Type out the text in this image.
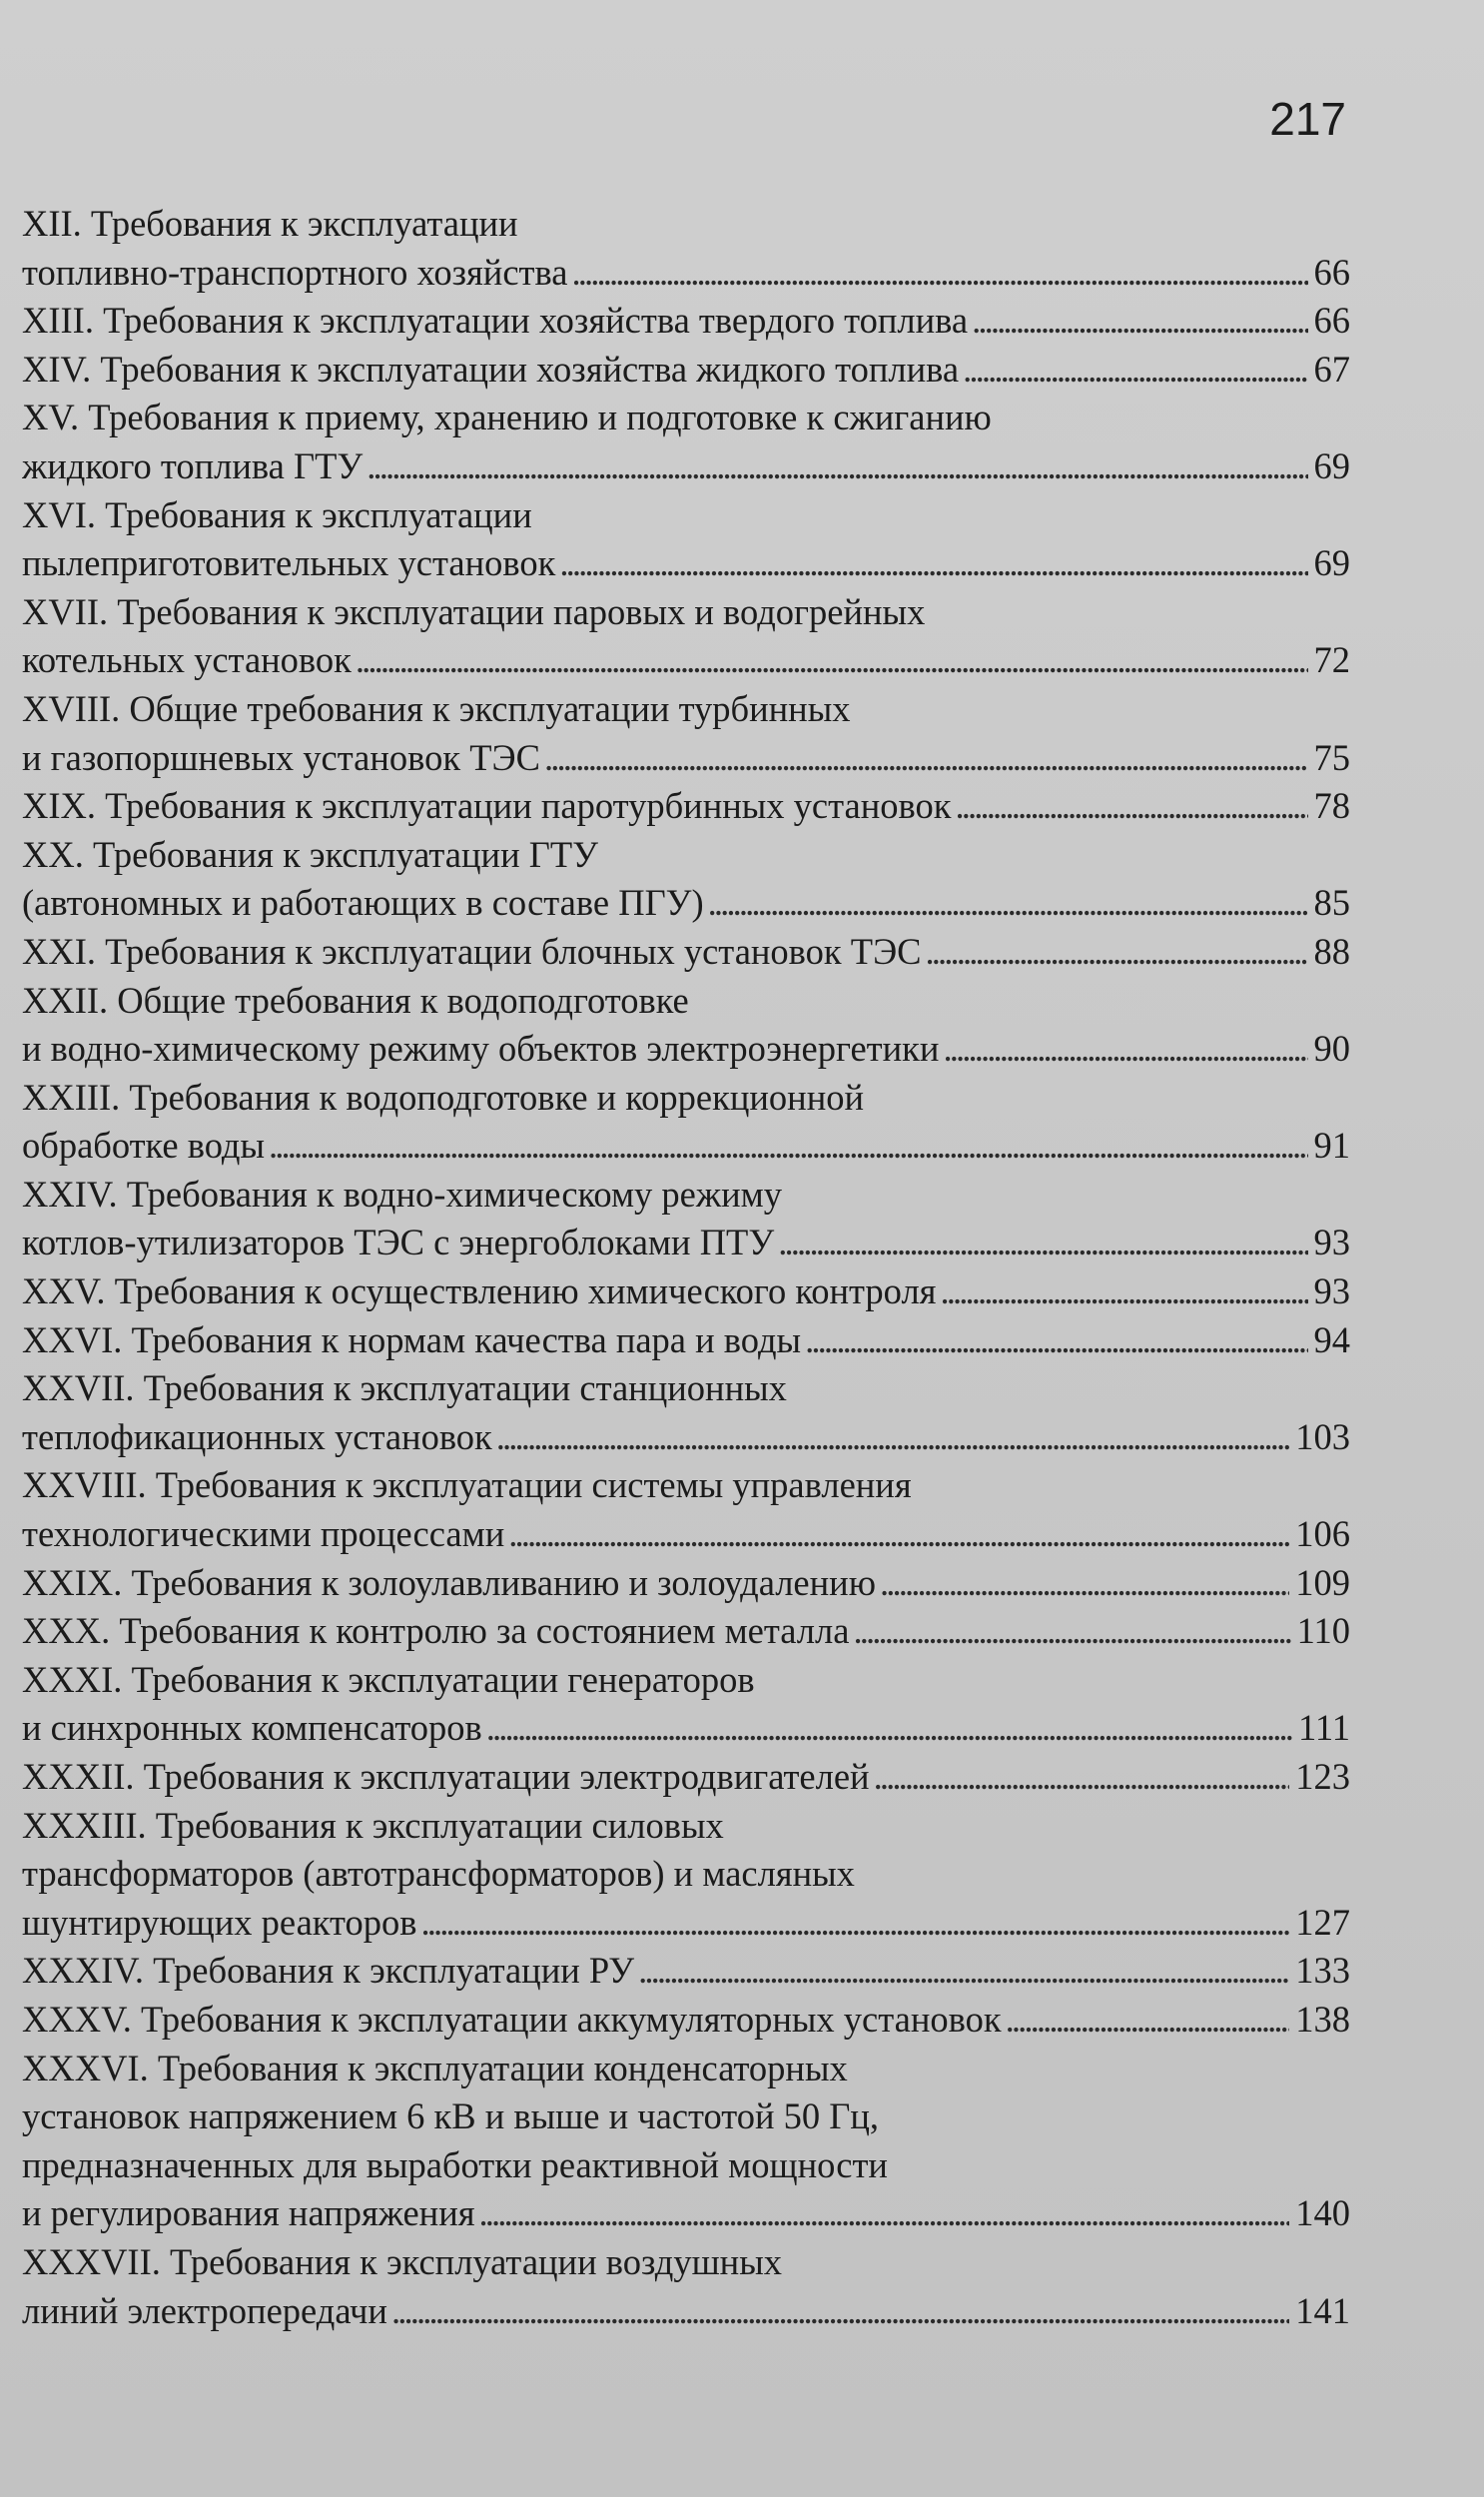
217
XII. Требования к эксплуатации
топливно-транспортного хозяйства . . .	66
XIII. Требования к эксплуатации хозяйства твердого топлива . . .	66
XIV. Требования к эксплуатации хозяйства жидкого топлива . . .	67
XV. Требования к приему, хранению и подготовке к сжиганию
жидкого топлива ГТУ . . .	69
XVI. Требования к эксплуатации
пылеприготовительных установок . . .	69
XVII. Требования к эксплуатации паровых и водогрейных
котельных установок . . .	72
XVIII. Общие требования к эксплуатации турбинных
и газопоршневых установок ТЭС . . .	75
XIX. Требования к эксплуатации паротурбинных установок . . .	78
XX. Требования к эксплуатации ГТУ
(автономных и работающих в составе ПГУ) . . .	85
XXI. Требования к эксплуатации блочных установок ТЭС . . .	88
XXII. Общие требования к водоподготовке
и водно-химическому режиму объектов электроэнергетики . . .	90
XXIII. Требования к водоподготовке и коррекционной
обработке воды . . .	91
XXIV. Требования к водно-химическому режиму
котлов-утилизаторов ТЭС с энергоблоками ПТУ . . .	93
XXV. Требования к осуществлению химического контроля . . .	93
XXVI. Требования к нормам качества пара и воды . . .	94
XXVII. Требования к эксплуатации станционных
теплофикационных установок . . .	103
XXVIII. Требования к эксплуатации системы управления
технологическими процессами . . .	106
XXIX. Требования к золоулавливанию и золоудалению . . .	109
XXX. Требования к контролю за состоянием металла . . .	110
XXXI. Требования к эксплуатации генераторов
и синхронных компенсаторов . . .	111
XXXII. Требования к эксплуатации электродвигателей . . .	123
XXXIII. Требования к эксплуатации силовых
трансформаторов (автотрансформаторов) и масляных
шунтирующих реакторов . . .	127
XXXIV. Требования к эксплуатации РУ . . .	133
XXXV. Требования к эксплуатации аккумуляторных установок . . .	138
XXXVI. Требования к эксплуатации конденсаторных
установок напряжением 6 кВ и выше и частотой 50 Гц,
предназначенных для выработки реактивной мощности
и регулирования напряжения . . .	140
XXXVII. Требования к эксплуатации воздушных
линий электропередачи . . .	141
